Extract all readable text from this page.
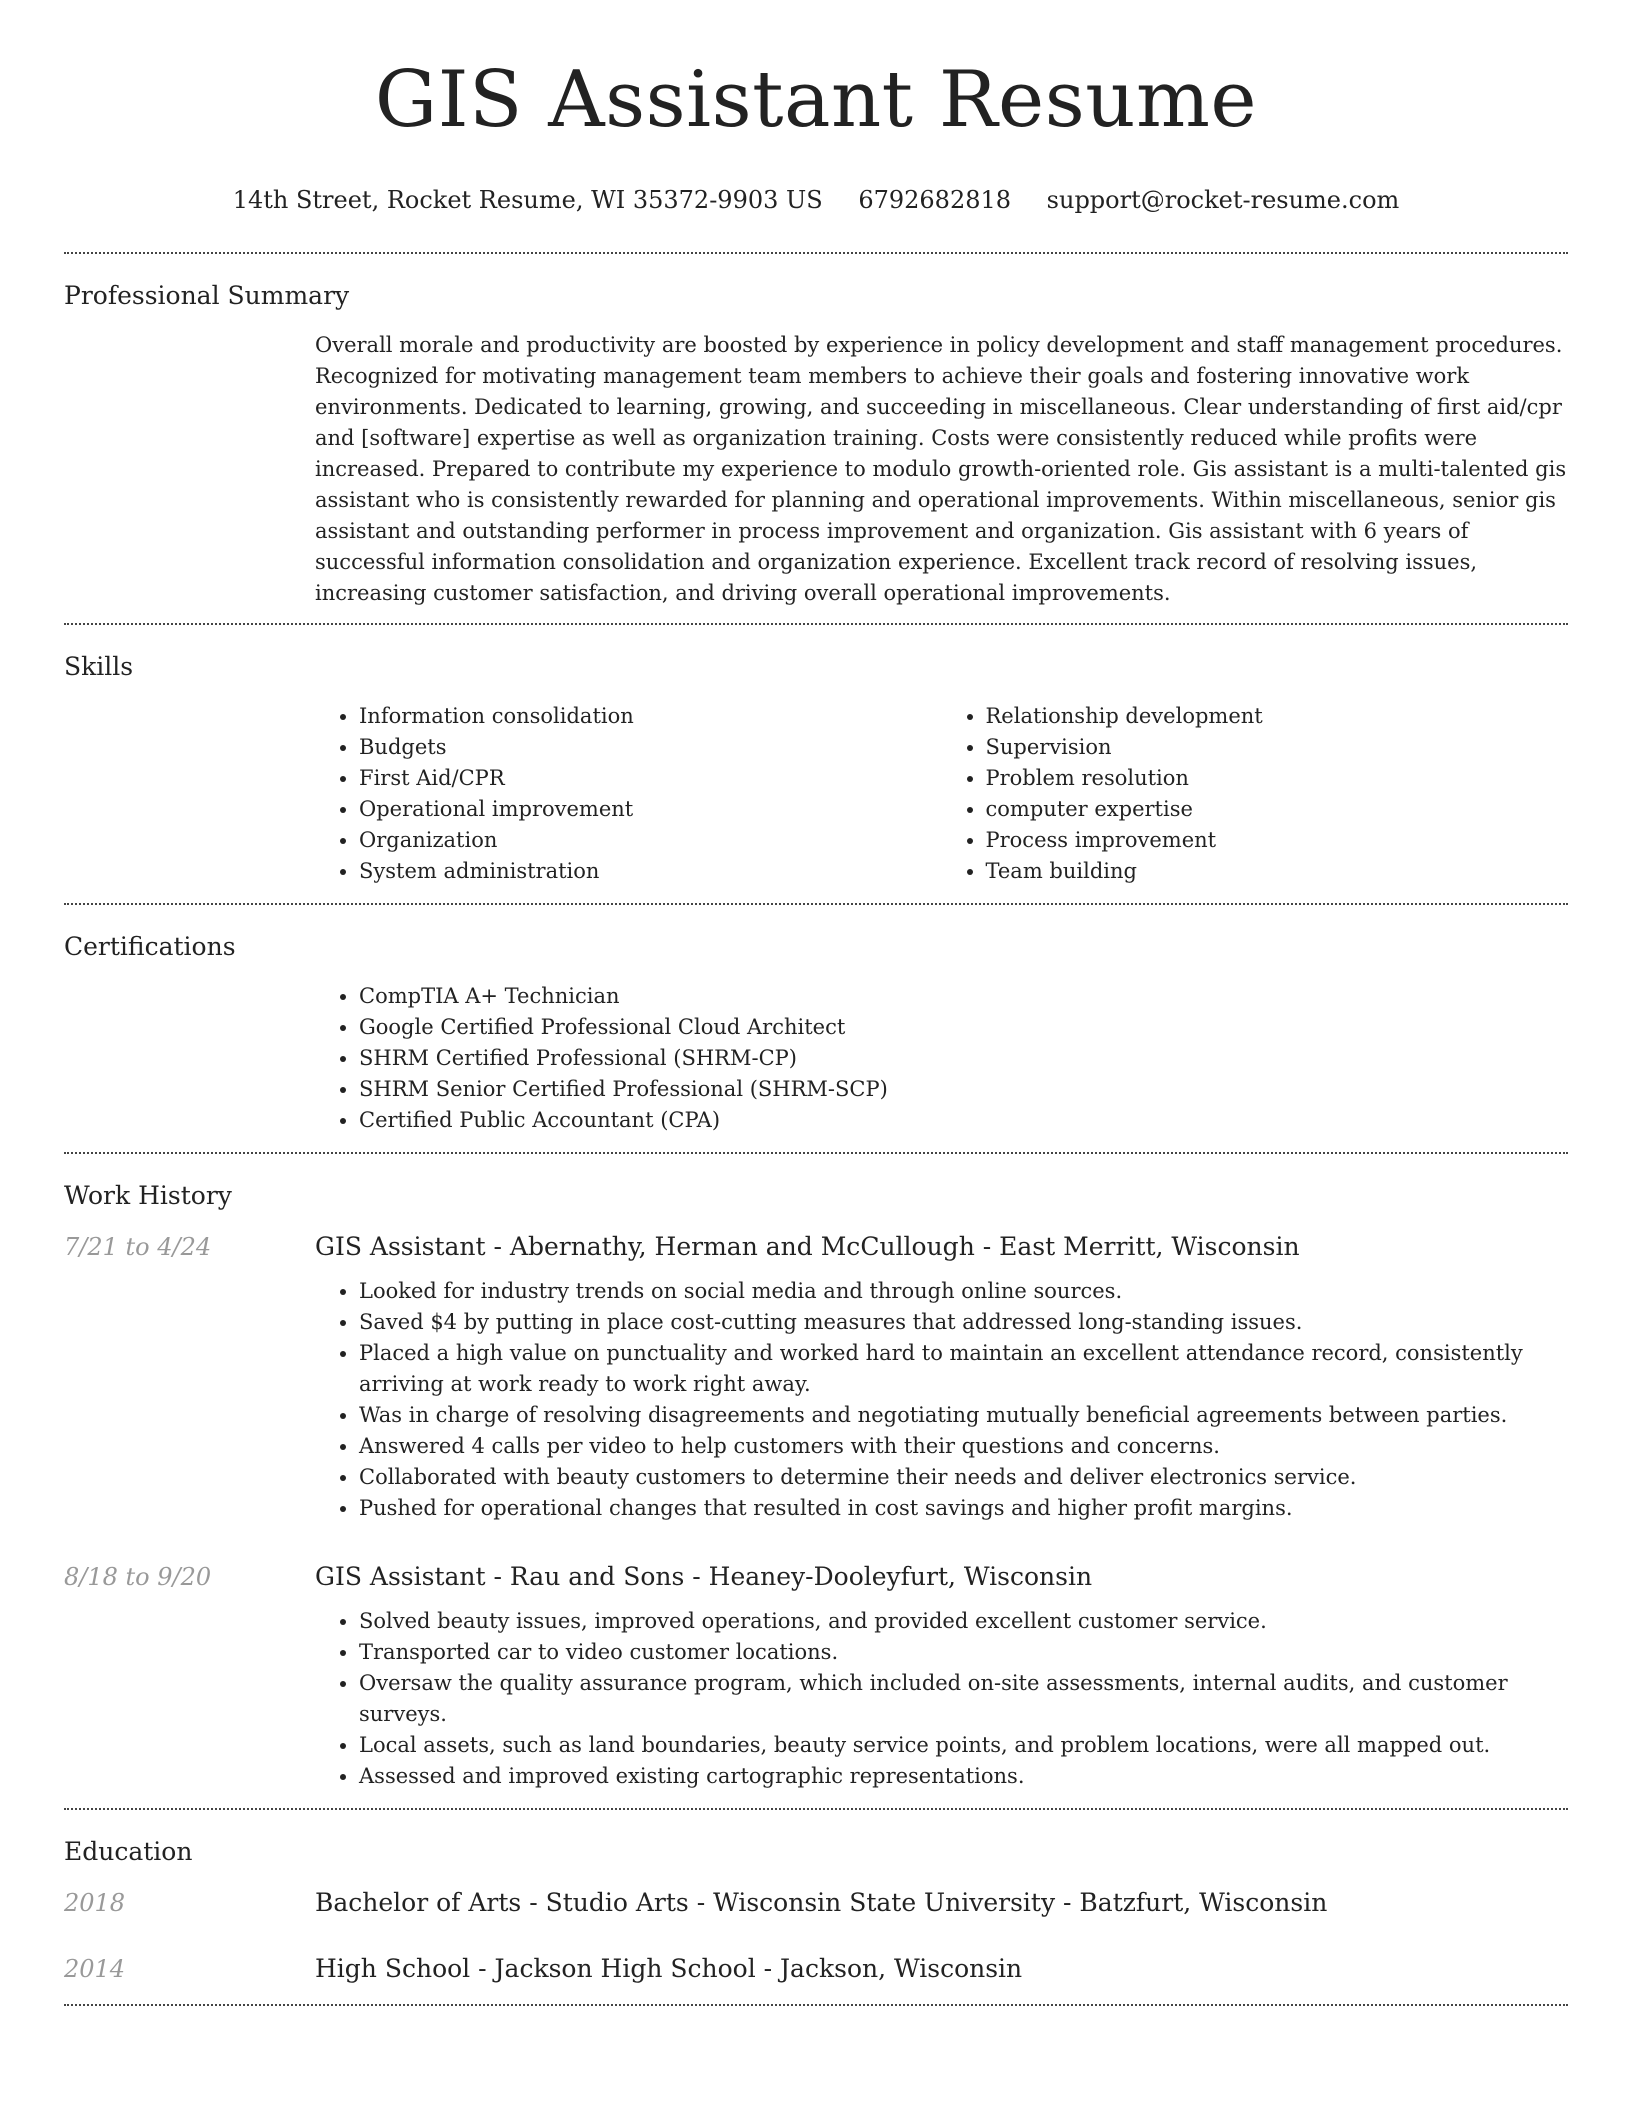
GIS Assistant Resume
14th Street, Rocket Resume, WI 35372-9903 US 6792682818 support@rocket-resume.com
Professional Summary

Overall morale and productivity are boosted by experience in policy development and staff management procedures. Recognized for motivating management team members to achieve their goals and fostering innovative work environments. Dedicated to learning, growing, and succeeding in miscellaneous. Clear understanding of first aid/cpr and [software] expertise as well as organization training. Costs were consistently reduced while profits were increased. Prepared to contribute my experience to modulo growth-oriented role. Gis assistant is a multi-talented gis assistant who is consistently rewarded for planning and operational improvements. Within miscellaneous, senior gis assistant and outstanding performer in process improvement and organization. Gis assistant with 6 years of successful information consolidation and organization experience. Excellent track record of resolving issues, increasing customer satisfaction, and driving overall operational improvements.

Skills
• Information consolidation
• Budgets
• First Aid/CPR
• Operational improvement
• Organization
• System administration
• Relationship development
• Supervision
• Problem resolution
• computer expertise
• Process improvement
• Team building
Certifications
• CompTIA A+ Technician
• Google Certified Professional Cloud Architect
• SHRM Certified Professional (SHRM-CP)
• SHRM Senior Certified Professional (SHRM-SCP)
• Certified Public Accountant (CPA)
Work History
7/21 to 4/24	GIS Assistant - Abernathy, Herman and McCullough - East Merritt, Wisconsin
• Looked for industry trends on social media and through online sources.
• Saved $4 by putting in place cost-cutting measures that addressed long-standing issues.
• Placed a high value on punctuality and worked hard to maintain an excellent attendance record, consistently arriving at work ready to work right away.
• Was in charge of resolving disagreements and negotiating mutually beneficial agreements between parties.
• Answered 4 calls per video to help customers with their questions and concerns.
• Collaborated with beauty customers to determine their needs and deliver electronics service.
• Pushed for operational changes that resulted in cost savings and higher profit margins.
8/18 to 9/20	GIS Assistant - Rau and Sons - Heaney-Dooleyfurt, Wisconsin
• Solved beauty issues, improved operations, and provided excellent customer service.
• Transported car to video customer locations.
• Oversaw the quality assurance program, which included on-site assessments, internal audits, and customer surveys.
• Local assets, such as land boundaries, beauty service points, and problem locations, were all mapped out.
• Assessed and improved existing cartographic representations.
Education
2018	Bachelor of Arts - Studio Arts - Wisconsin State University - Batzfurt, Wisconsin
2014	High School - Jackson High School - Jackson, Wisconsin
